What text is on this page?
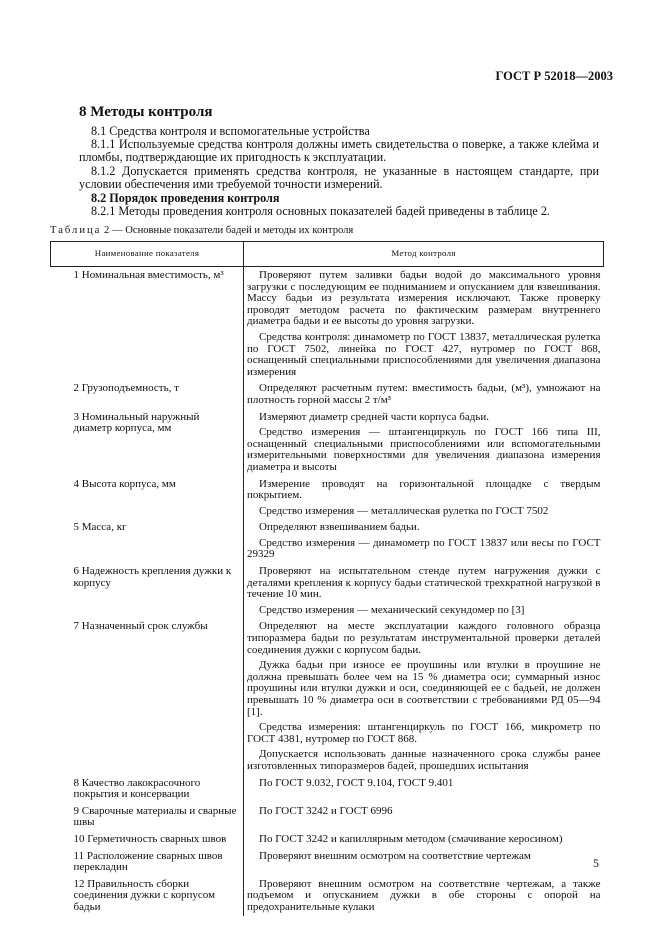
ГОСТ Р 52018—2003
8 Методы контроля
8.1 Средства контроля и вспомогательные устройства
8.1.1 Используемые средства контроля должны иметь свидетельства о поверке, а также клейма и пломбы, подтверждающие их пригодность к эксплуатации.
8.1.2 Допускается применять средства контроля, не указанные в настоящем стандарте, при условии обеспечения ими требуемой точности измерений.
8.2 Порядок проведения контроля
8.2.1 Методы проведения контроля основных показателей бадей приведены в таблице 2.
Таблица 2 — Основные показатели бадей и методы их контроля
Наименование показателя	Метод контроля

1 Номинальная вместимость, м³	Проверяют путем заливки бадьи водой до максимального уровня загрузки с последующим ее подниманием и опусканием для взвешивания. Массу бадьи из результата измерения исключают. Также проверку проводят методом расчета по фактическим размерам внутреннего диаметра бадьи и ее высоты до уровня загрузки.

Средства контроля: динамометр по ГОСТ 13837, металлическая рулетка по ГОСТ 7502, линейка по ГОСТ 427, нутромер по ГОСТ 868, оснащенный специальными приспособлениями для увеличения диапазона измерения

2 Грузоподъемность, т	Определяют расчетным путем: вместимость бадьи, (м³), умножают на плотность горной массы 2 т/м³

3 Номинальный наружный диаметр корпуса, мм	Измеряют диаметр средней части корпуса бадьи.

Средство измерения — штангенциркуль по ГОСТ 166 типа III, оснащенный специальными приспособлениями или вспомогательными измерительными поверхностями для увеличения диапазона измерения диаметра и высоты

4 Высота корпуса, мм	Измерение проводят на горизонтальной площадке с твердым покрытием.

Средство измерения — металлическая рулетка по ГОСТ 7502

5 Масса, кг	Определяют взвешиванием бадьи.

Средство измерения — динамометр по ГОСТ 13837 или весы по ГОСТ 29329

6 Надежность крепления дужки к корпусу	Проверяют на испытательном стенде путем нагружения дужки с деталями крепления к корпусу бадьи статической трехкратной нагрузкой в течение 10 мин.

Средство измерения — механический секундомер по [3]

7 Назначенный срок службы	Определяют на месте эксплуатации каждого головного образца типоразмера бадьи по результатам инструментальной проверки деталей соединения дужки с корпусом бадьи.

Дужка бадьи при износе ее проушины или втулки в проушине не должна превышать более чем на 15 % диаметра оси; суммарный износ проушины или втулки дужки и оси, соединяющей ее с бадьей, не должен превышать 10 % диаметра оси в соответствии с требованиями РД 05—94 [1].

Средства измерения: штангенциркуль по ГОСТ 166, микрометр по ГОСТ 4381, нутромер по ГОСТ 868.

Допускается использовать данные назначенного срока службы ранее изготовленных типоразмеров бадей, прошедших испытания

8 Качество лакокрасочного покрытия и консервации	По ГОСТ 9.032, ГОСТ 9.104, ГОСТ 9.401

9 Сварочные материалы и сварные швы	По ГОСТ 3242 и ГОСТ 6996

10 Герметичность сварных швов	По ГОСТ 3242 и капиллярным методом (смачивание керосином)

11 Расположение сварных швов перекладин	Проверяют внешним осмотром на соответствие чертежам

12 Правильность сборки соединения дужки с корпусом бадьи	Проверяют внешним осмотром на соответствие чертежам, а также подъемом и опусканием дужки в обе стороны с опорой на предохранительные кулаки

5
